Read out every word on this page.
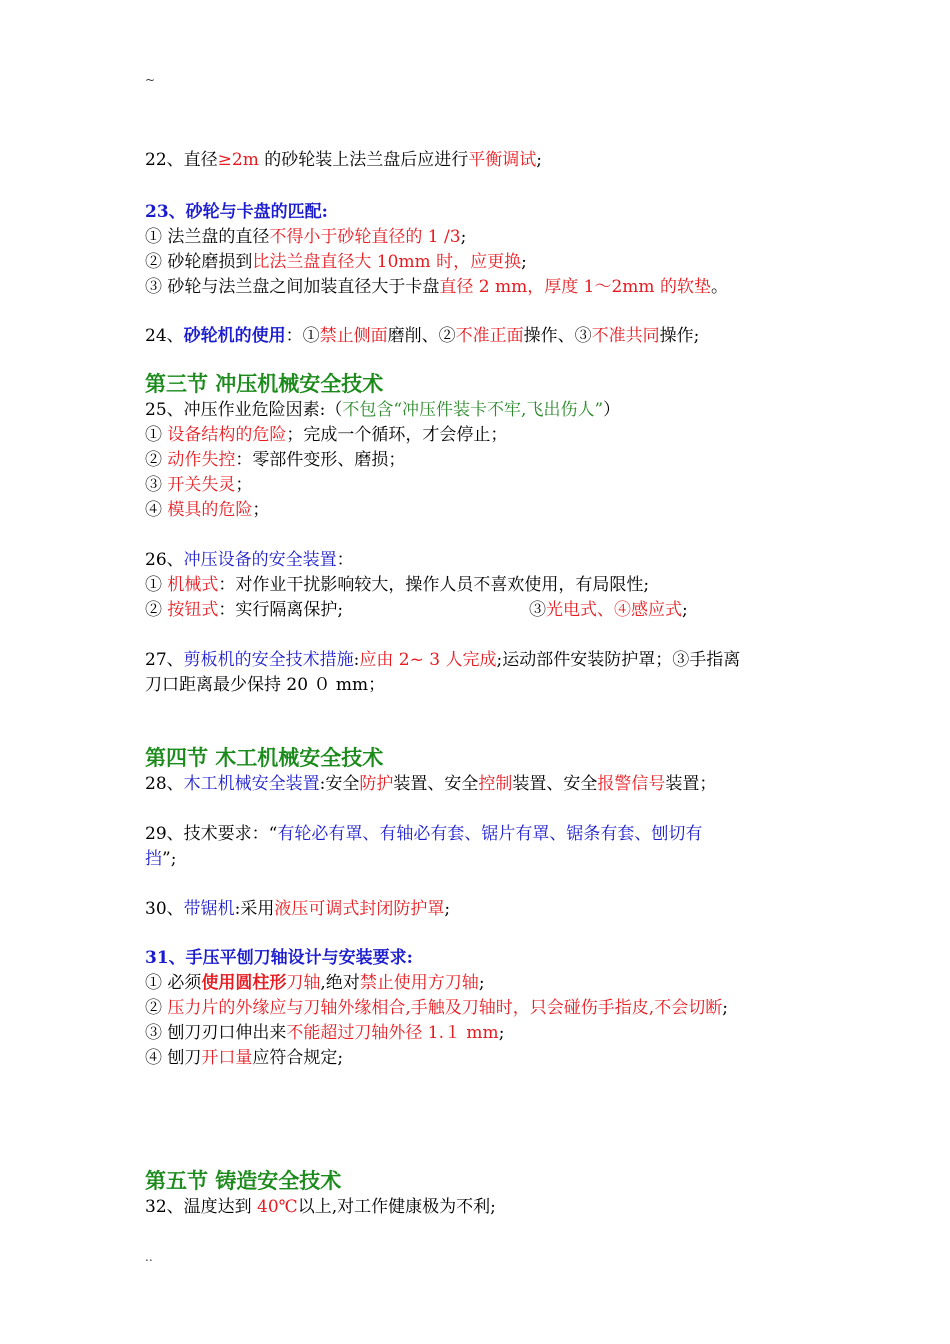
~
22、直径≥2m 的砂轮装上法兰盘后应进行平衡调试;
23、砂轮与卡盘的匹配:
① 法兰盘的直径不得小于砂轮直径的 1 /3;
② 砂轮磨损到比法兰盘直径大 10mm 时，应更换;
③ 砂轮与法兰盘之间加装直径大于卡盘直径 2 mm，厚度 1～2mm 的软垫。
24、砂轮机的使用：①禁止侧面磨削、②不准正面操作、③不准共同操作;
第三节 冲压机械安全技术
25、冲压作业危险因素:（不包含“冲压件装卡不牢,飞出伤人”）
① 设备结构的危险；完成一个循环，才会停止；
② 动作失控：零部件变形、磨损；
③ 开关失灵；
④ 模具的危险；
26、冲压设备的安全装置：
① 机械式：对作业干扰影响较大，操作人员不喜欢使用，有局限性;
② 按钮式：实行隔离保护;	③光电式、④感应式;
27、剪板机的安全技术措施:应由 2~ 3 人完成;运动部件安装防护罩；③手指离
刀口距离最少保持 20 ０ mm；
第四节 木工机械安全技术
28、木工机械安全装置:安全防护装置、安全控制装置、安全报警信号装置；
29、技术要求：“有轮必有罩、有轴必有套、锯片有罩、锯条有套、刨切有
挡”;
30、带锯机:采用液压可调式封闭防护罩;
31、手压平刨刀轴设计与安装要求:
① 必须使用圆柱形刀轴,绝对禁止使用方刀轴;
② 压力片的外缘应与刀轴外缘相合,手触及刀轴时，只会碰伤手指皮,不会切断;
③ 刨刀刃口伸出来不能超过刀轴外径 1.１ mm;
④ 刨刀开口量应符合规定;
第五节 铸造安全技术
32、温度达到 40℃以上,对工作健康极为不利;
..
